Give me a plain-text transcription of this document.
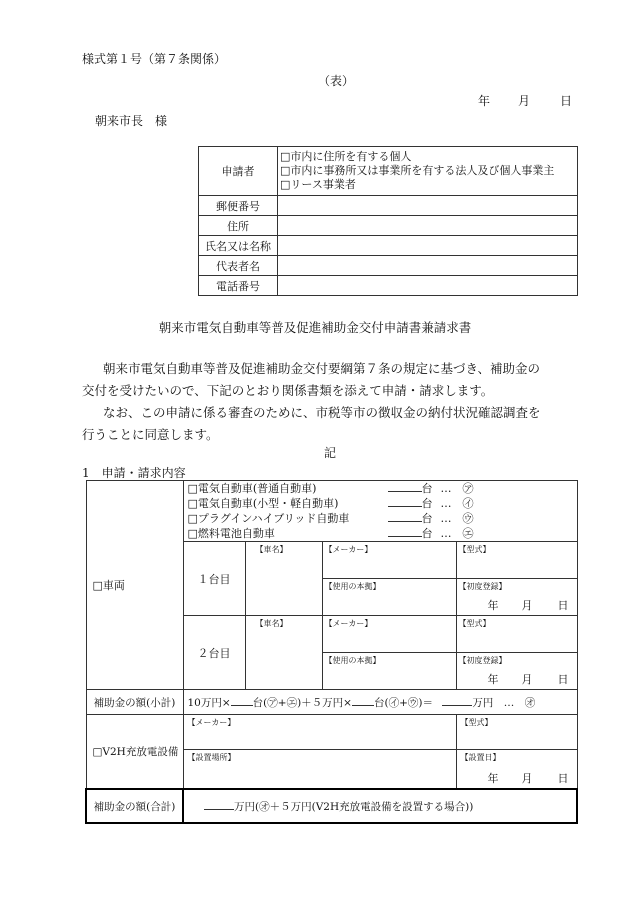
様式第１号（第７条関係）
（表）
年 月 日
朝来市長　様
申請者	□市内に住所を有する個人
□市内に事務所又は事業所を有する法人及び個人事業主
□リース事業者

郵便番号	
住所	
氏名又は名称	
代表者名	
電話番号	
朝来市電気自動車等普及促進補助金交付申請書兼請求書
朝来市電気自動車等普及促進補助金交付要綱第７条の規定に基づき、補助金の
交付を受けたいので、下記のとおり関係書類を添えて申請・請求します。
なお、この申請に係る審査のために、市税等市の徴収金の納付状況確認調査を
行うことに同意します。
記
1　申請・請求内容
□車両	□電気自動車(普通自動車) 台 …　㋐
□電気自動車(小型・軽自動車) 台 …　㋑
□プラグインハイブリッド自動車 台 …　㋒
□燃料電池自動車 台 …　㋓			

	１台目	【車名】	【メーカー】	【型式】

			【使用の本拠】	【初度登録】
年 月 日

	２台目	【車名】	【メーカー】	【型式】

			【使用の本拠】	【初度登録】
年 月 日

補助金の額(小計)	10万円× 台(㋐+㋓)＋５万円× 台(㋑+㋒)＝ 万円　…　㋔			
□V2H充放電設備	【メーカー】			【型式】

	【設置場所】			【設置日】
年 月 日

補助金の額(合計)	万円(㋔＋５万円(V2H充放電設備を設置する場合))			
